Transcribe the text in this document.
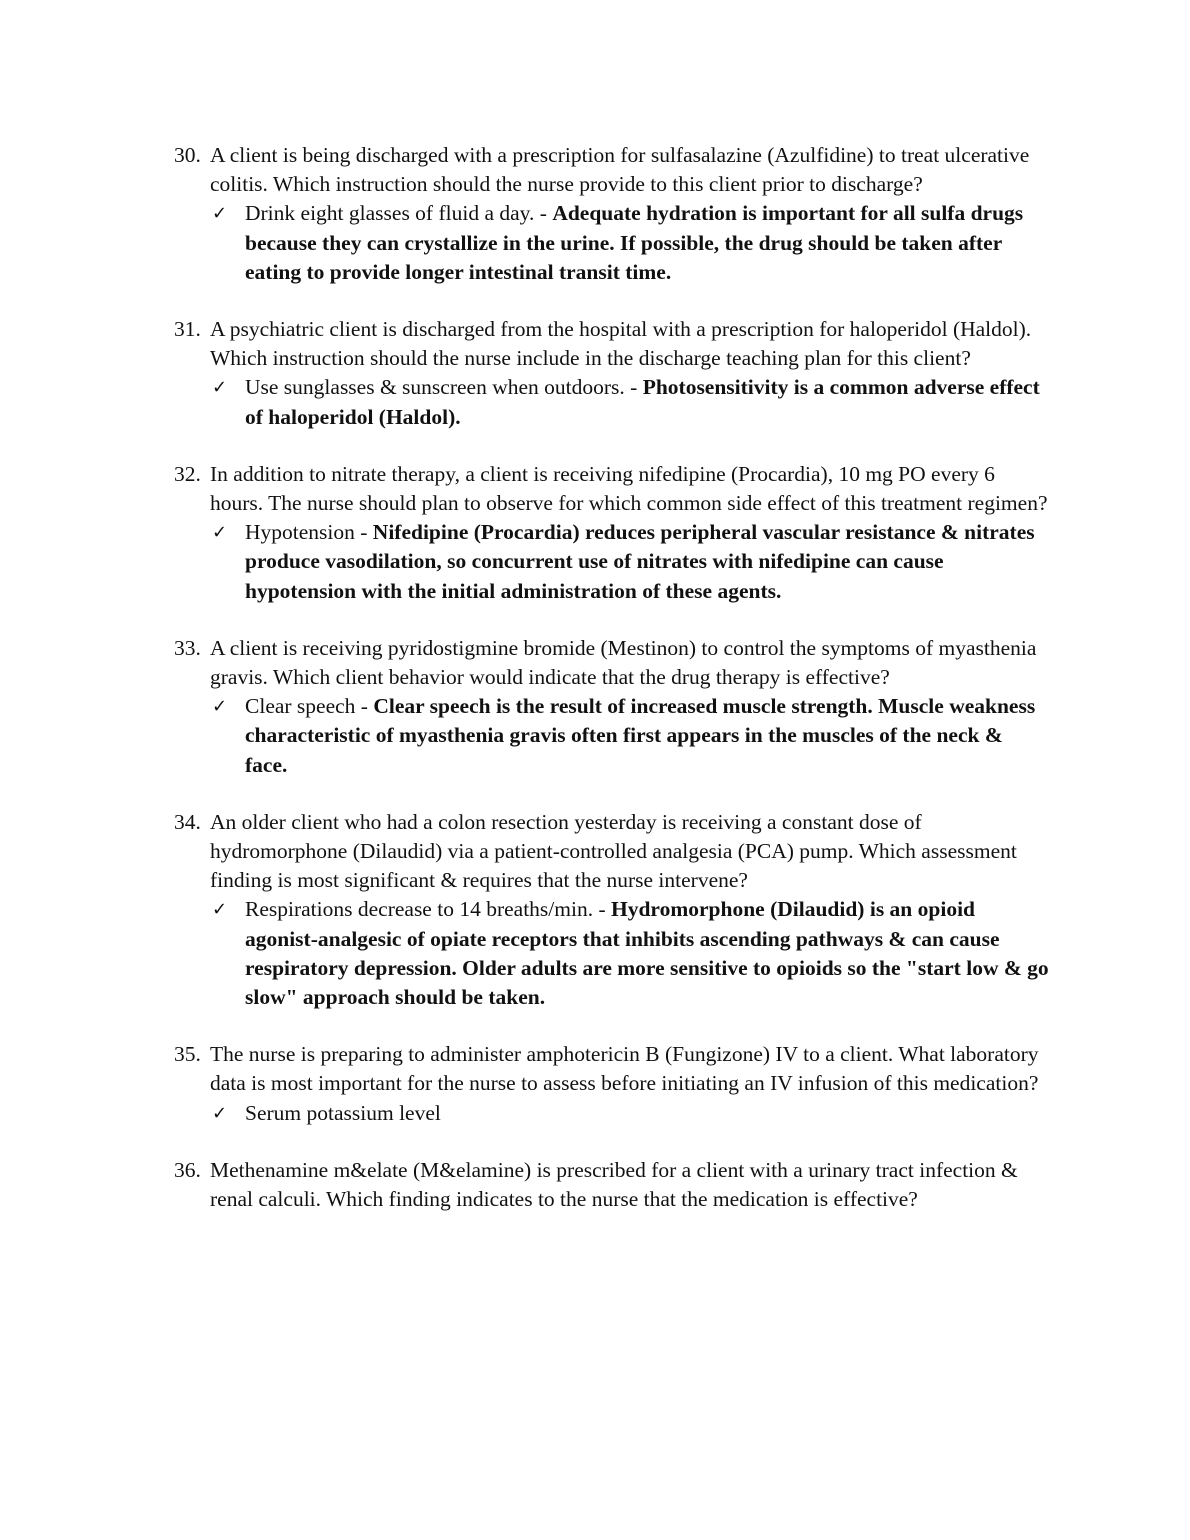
30. A client is being discharged with a prescription for sulfasalazine (Azulfidine) to treat ulcerative colitis. Which instruction should the nurse provide to this client prior to discharge?
✓ Drink eight glasses of fluid a day. - Adequate hydration is important for all sulfa drugs because they can crystallize in the urine. If possible, the drug should be taken after eating to provide longer intestinal transit time.
31. A psychiatric client is discharged from the hospital with a prescription for haloperidol (Haldol). Which instruction should the nurse include in the discharge teaching plan for this client?
✓ Use sunglasses & sunscreen when outdoors. - Photosensitivity is a common adverse effect of haloperidol (Haldol).
32. In addition to nitrate therapy, a client is receiving nifedipine (Procardia), 10 mg PO every 6 hours. The nurse should plan to observe for which common side effect of this treatment regimen?
✓ Hypotension - Nifedipine (Procardia) reduces peripheral vascular resistance & nitrates produce vasodilation, so concurrent use of nitrates with nifedipine can cause hypotension with the initial administration of these agents.
33. A client is receiving pyridostigmine bromide (Mestinon) to control the symptoms of myasthenia gravis. Which client behavior would indicate that the drug therapy is effective?
✓ Clear speech - Clear speech is the result of increased muscle strength. Muscle weakness characteristic of myasthenia gravis often first appears in the muscles of the neck & face.
34. An older client who had a colon resection yesterday is receiving a constant dose of hydromorphone (Dilaudid) via a patient-controlled analgesia (PCA) pump. Which assessment finding is most significant & requires that the nurse intervene?
✓ Respirations decrease to 14 breaths/min. - Hydromorphone (Dilaudid) is an opioid agonist-analgesic of opiate receptors that inhibits ascending pathways & can cause respiratory depression. Older adults are more sensitive to opioids so the "start low & go slow" approach should be taken.
35. The nurse is preparing to administer amphotericin B (Fungizone) IV to a client. What laboratory data is most important for the nurse to assess before initiating an IV infusion of this medication?
✓ Serum potassium level
36. Methenamine m&elate (M&elamine) is prescribed for a client with a urinary tract infection & renal calculi. Which finding indicates to the nurse that the medication is effective?
